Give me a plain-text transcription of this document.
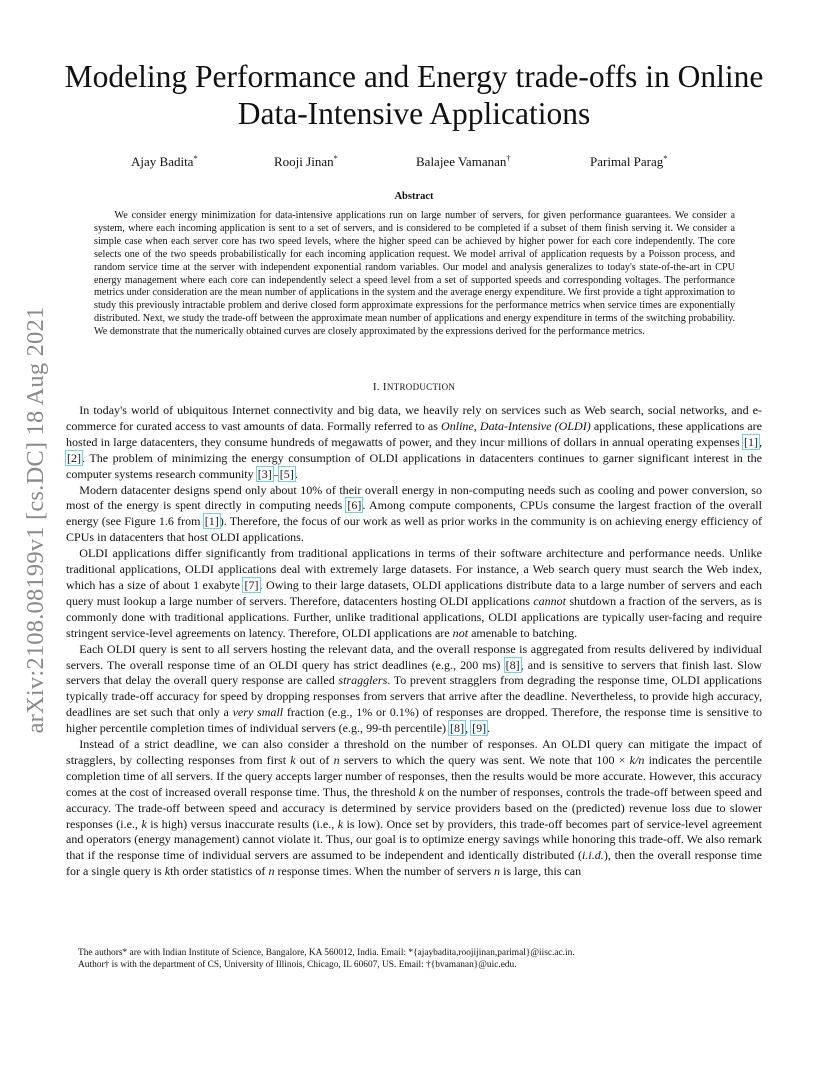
arXiv:2108.08199v1 [cs.DC] 18 Aug 2021
Modeling Performance and Energy trade-offs in Online Data-Intensive Applications
Ajay Badita*	Rooji Jinan*	Balajee Vamanan†	Parimal Parag*
Abstract

We consider energy minimization for data-intensive applications run on large number of servers, for given performance guarantees. We consider a system, where each incoming application is sent to a set of servers, and is considered to be completed if a subset of them finish serving it. We consider a simple case when each server core has two speed levels, where the higher speed can be achieved by higher power for each core independently. The core selects one of the two speeds probabilistically for each incoming application request. We model arrival of application requests by a Poisson process, and random service time at the server with independent exponential random variables. Our model and analysis generalizes to today's state-of-the-art in CPU energy management where each core can independently select a speed level from a set of supported speeds and corresponding voltages. The performance metrics under consideration are the mean number of applications in the system and the average energy expenditure. We first provide a tight approximation to study this previously intractable problem and derive closed form approximate expressions for the performance metrics when service times are exponentially distributed. Next, we study the trade-off between the approximate mean number of applications and energy expenditure in terms of the switching probability. We demonstrate that the numerically obtained curves are closely approximated by the expressions derived for the performance metrics.

I. INTRODUCTION

In today's world of ubiquitous Internet connectivity and big data, we heavily rely on services such as Web search, social networks, and e-commerce for curated access to vast amounts of data. Formally referred to as Online, Data-Intensive (OLDI) applications, these applications are hosted in large datacenters, they consume hundreds of megawatts of power, and they incur millions of dollars in annual operating expenses [1], [2]. The problem of minimizing the energy consumption of OLDI applications in datacenters continues to garner significant interest in the computer systems research community [3]–[5].

Modern datacenter designs spend only about 10% of their overall energy in non-computing needs such as cooling and power conversion, so most of the energy is spent directly in computing needs [6]. Among compute components, CPUs consume the largest fraction of the overall energy (see Figure 1.6 from [1]). Therefore, the focus of our work as well as prior works in the community is on achieving energy efficiency of CPUs in datacenters that host OLDI applications.

OLDI applications differ significantly from traditional applications in terms of their software architecture and performance needs. Unlike traditional applications, OLDI applications deal with extremely large datasets. For instance, a Web search query must search the Web index, which has a size of about 1 exabyte [7]. Owing to their large datasets, OLDI applications distribute data to a large number of servers and each query must lookup a large number of servers. Therefore, datacenters hosting OLDI applications cannot shutdown a fraction of the servers, as is commonly done with traditional applications. Further, unlike traditional applications, OLDI applications are typically user-facing and require stringent service-level agreements on latency. Therefore, OLDI applications are not amenable to batching.

Each OLDI query is sent to all servers hosting the relevant data, and the overall response is aggregated from results delivered by individual servers. The overall response time of an OLDI query has strict deadlines (e.g., 200 ms) [8], and is sensitive to servers that finish last. Slow servers that delay the overall query response are called stragglers. To prevent stragglers from degrading the response time, OLDI applications typically trade-off accuracy for speed by dropping responses from servers that arrive after the deadline. Nevertheless, to provide high accuracy, deadlines are set such that only a very small fraction (e.g., 1% or 0.1%) of responses are dropped. Therefore, the response time is sensitive to higher percentile completion times of individual servers (e.g., 99-th percentile) [8], [9].

Instead of a strict deadline, we can also consider a threshold on the number of responses. An OLDI query can mitigate the impact of stragglers, by collecting responses from first k out of n servers to which the query was sent. We note that 100 × k/n indicates the percentile completion time of all servers. If the query accepts larger number of responses, then the results would be more accurate. However, this accuracy comes at the cost of increased overall response time. Thus, the threshold k on the number of responses, controls the trade-off between speed and accuracy. The trade-off between speed and accuracy is determined by service providers based on the (predicted) revenue loss due to slower responses (i.e., k is high) versus inaccurate results (i.e., k is low). Once set by providers, this trade-off becomes part of service-level agreement and operators (energy management) cannot violate it. Thus, our goal is to optimize energy savings while honoring this trade-off. We also remark that if the response time of individual servers are assumed to be independent and identically distributed (i.i.d.), then the overall response time for a single query is kth order statistics of n response times. When the number of servers n is large, this can

The authors* are with Indian Institute of Science, Bangalore, KA 560012, India. Email: *{ajaybadita,roojijinan,parimal}@iisc.ac.in.

Author† is with the department of CS, University of Illinois, Chicago, IL 60607, US. Email: †{bvamanan}@uic.edu.
